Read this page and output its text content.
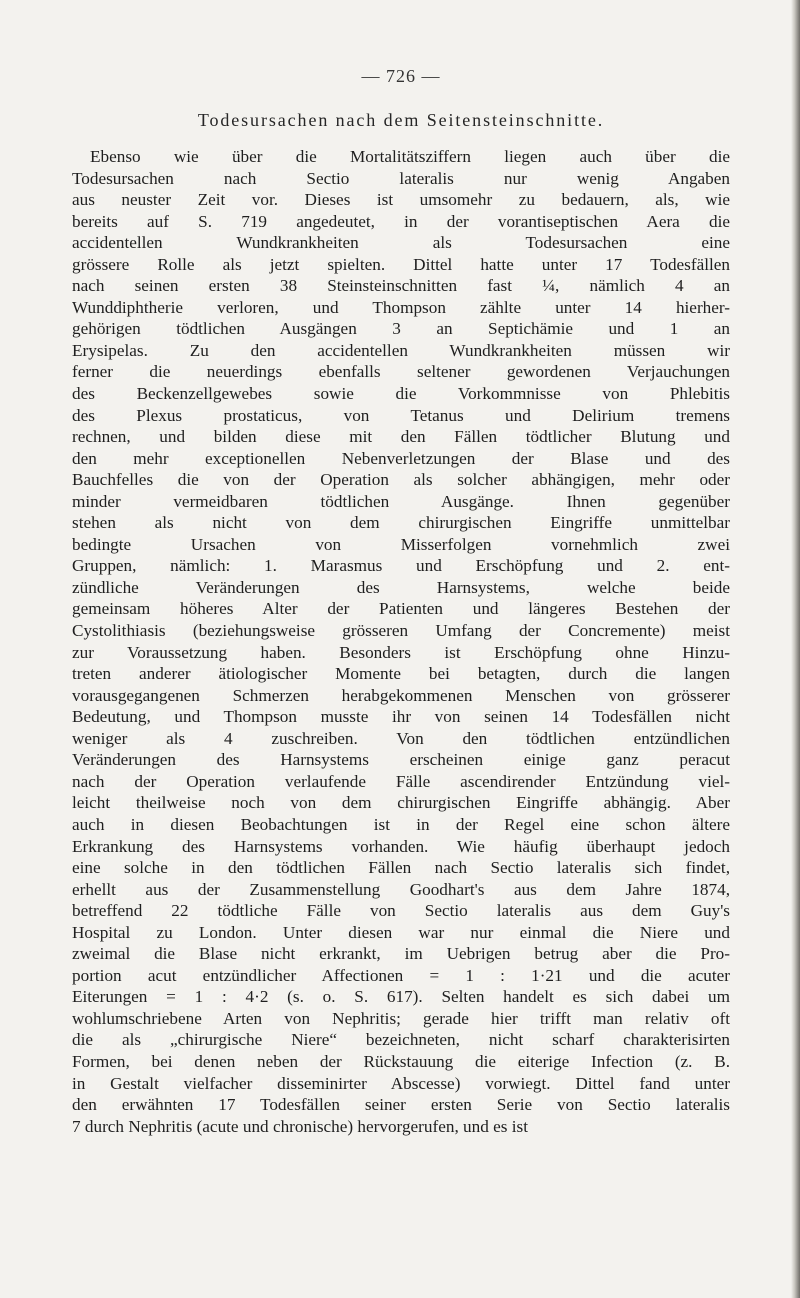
— 726 —
Todesursachen nach dem Seitensteinschnitte.
Ebenso wie über die Mortalitätsziffern liegen auch über die
Todesursachen nach Sectio lateralis nur wenig Angaben
aus neuster Zeit vor. Dieses ist umsomehr zu bedauern, als, wie
bereits auf S. 719 angedeutet, in der vorantiseptischen Aera die
accidentellen Wundkrankheiten als Todesursachen eine
grössere Rolle als jetzt spielten. Dittel hatte unter 17 Todesfällen
nach seinen ersten 38 Steinsteinschnitten fast ¼, nämlich 4 an
Wunddiphtherie verloren, und Thompson zählte unter 14 hierher-
gehörigen tödtlichen Ausgängen 3 an Septichämie und 1 an
Erysipelas. Zu den accidentellen Wundkrankheiten müssen wir
ferner die neuerdings ebenfalls seltener gewordenen Verjauchungen
des Beckenzellgewebes sowie die Vorkommnisse von Phlebitis
des Plexus prostaticus, von Tetanus und Delirium tremens
rechnen, und bilden diese mit den Fällen tödtlicher Blutung und
den mehr exceptionellen Nebenverletzungen der Blase und des
Bauchfelles die von der Operation als solcher abhängigen, mehr oder
minder vermeidbaren tödtlichen Ausgänge. Ihnen gegenüber
stehen als nicht von dem chirurgischen Eingriffe unmittelbar
bedingte Ursachen von Misserfolgen vornehmlich zwei
Gruppen, nämlich: 1. Marasmus und Erschöpfung und 2. ent-
zündliche Veränderungen des Harnsystems, welche beide
gemeinsam höheres Alter der Patienten und längeres Bestehen der
Cystolithiasis (beziehungsweise grösseren Umfang der Concremente) meist
zur Voraussetzung haben. Besonders ist Erschöpfung ohne Hinzu-
treten anderer ätiologischer Momente bei betagten, durch die langen
vorausgegangenen Schmerzen herabgekommenen Menschen von grösserer
Bedeutung, und Thompson musste ihr von seinen 14 Todesfällen nicht
weniger als 4 zuschreiben. Von den tödtlichen entzündlichen
Veränderungen des Harnsystems erscheinen einige ganz peracut
nach der Operation verlaufende Fälle ascendirender Entzündung viel-
leicht theilweise noch von dem chirurgischen Eingriffe abhängig. Aber
auch in diesen Beobachtungen ist in der Regel eine schon ältere
Erkrankung des Harnsystems vorhanden. Wie häufig überhaupt jedoch
eine solche in den tödtlichen Fällen nach Sectio lateralis sich findet,
erhellt aus der Zusammenstellung Goodhart's aus dem Jahre 1874,
betreffend 22 tödtliche Fälle von Sectio lateralis aus dem Guy's
Hospital zu London. Unter diesen war nur einmal die Niere und
zweimal die Blase nicht erkrankt, im Uebrigen betrug aber die Pro-
portion acut entzündlicher Affectionen = 1 : 1·21 und die acuter
Eiterungen = 1 : 4·2 (s. o. S. 617). Selten handelt es sich dabei um
wohlumschriebene Arten von Nephritis; gerade hier trifft man relativ oft
die als „chirurgische Niere“ bezeichneten, nicht scharf charakterisirten
Formen, bei denen neben der Rückstauung die eiterige Infection (z. B.
in Gestalt vielfacher disseminirter Abscesse) vorwiegt. Dittel fand unter
den erwähnten 17 Todesfällen seiner ersten Serie von Sectio lateralis
7 durch Nephritis (acute und chronische) hervorgerufen, und es ist
